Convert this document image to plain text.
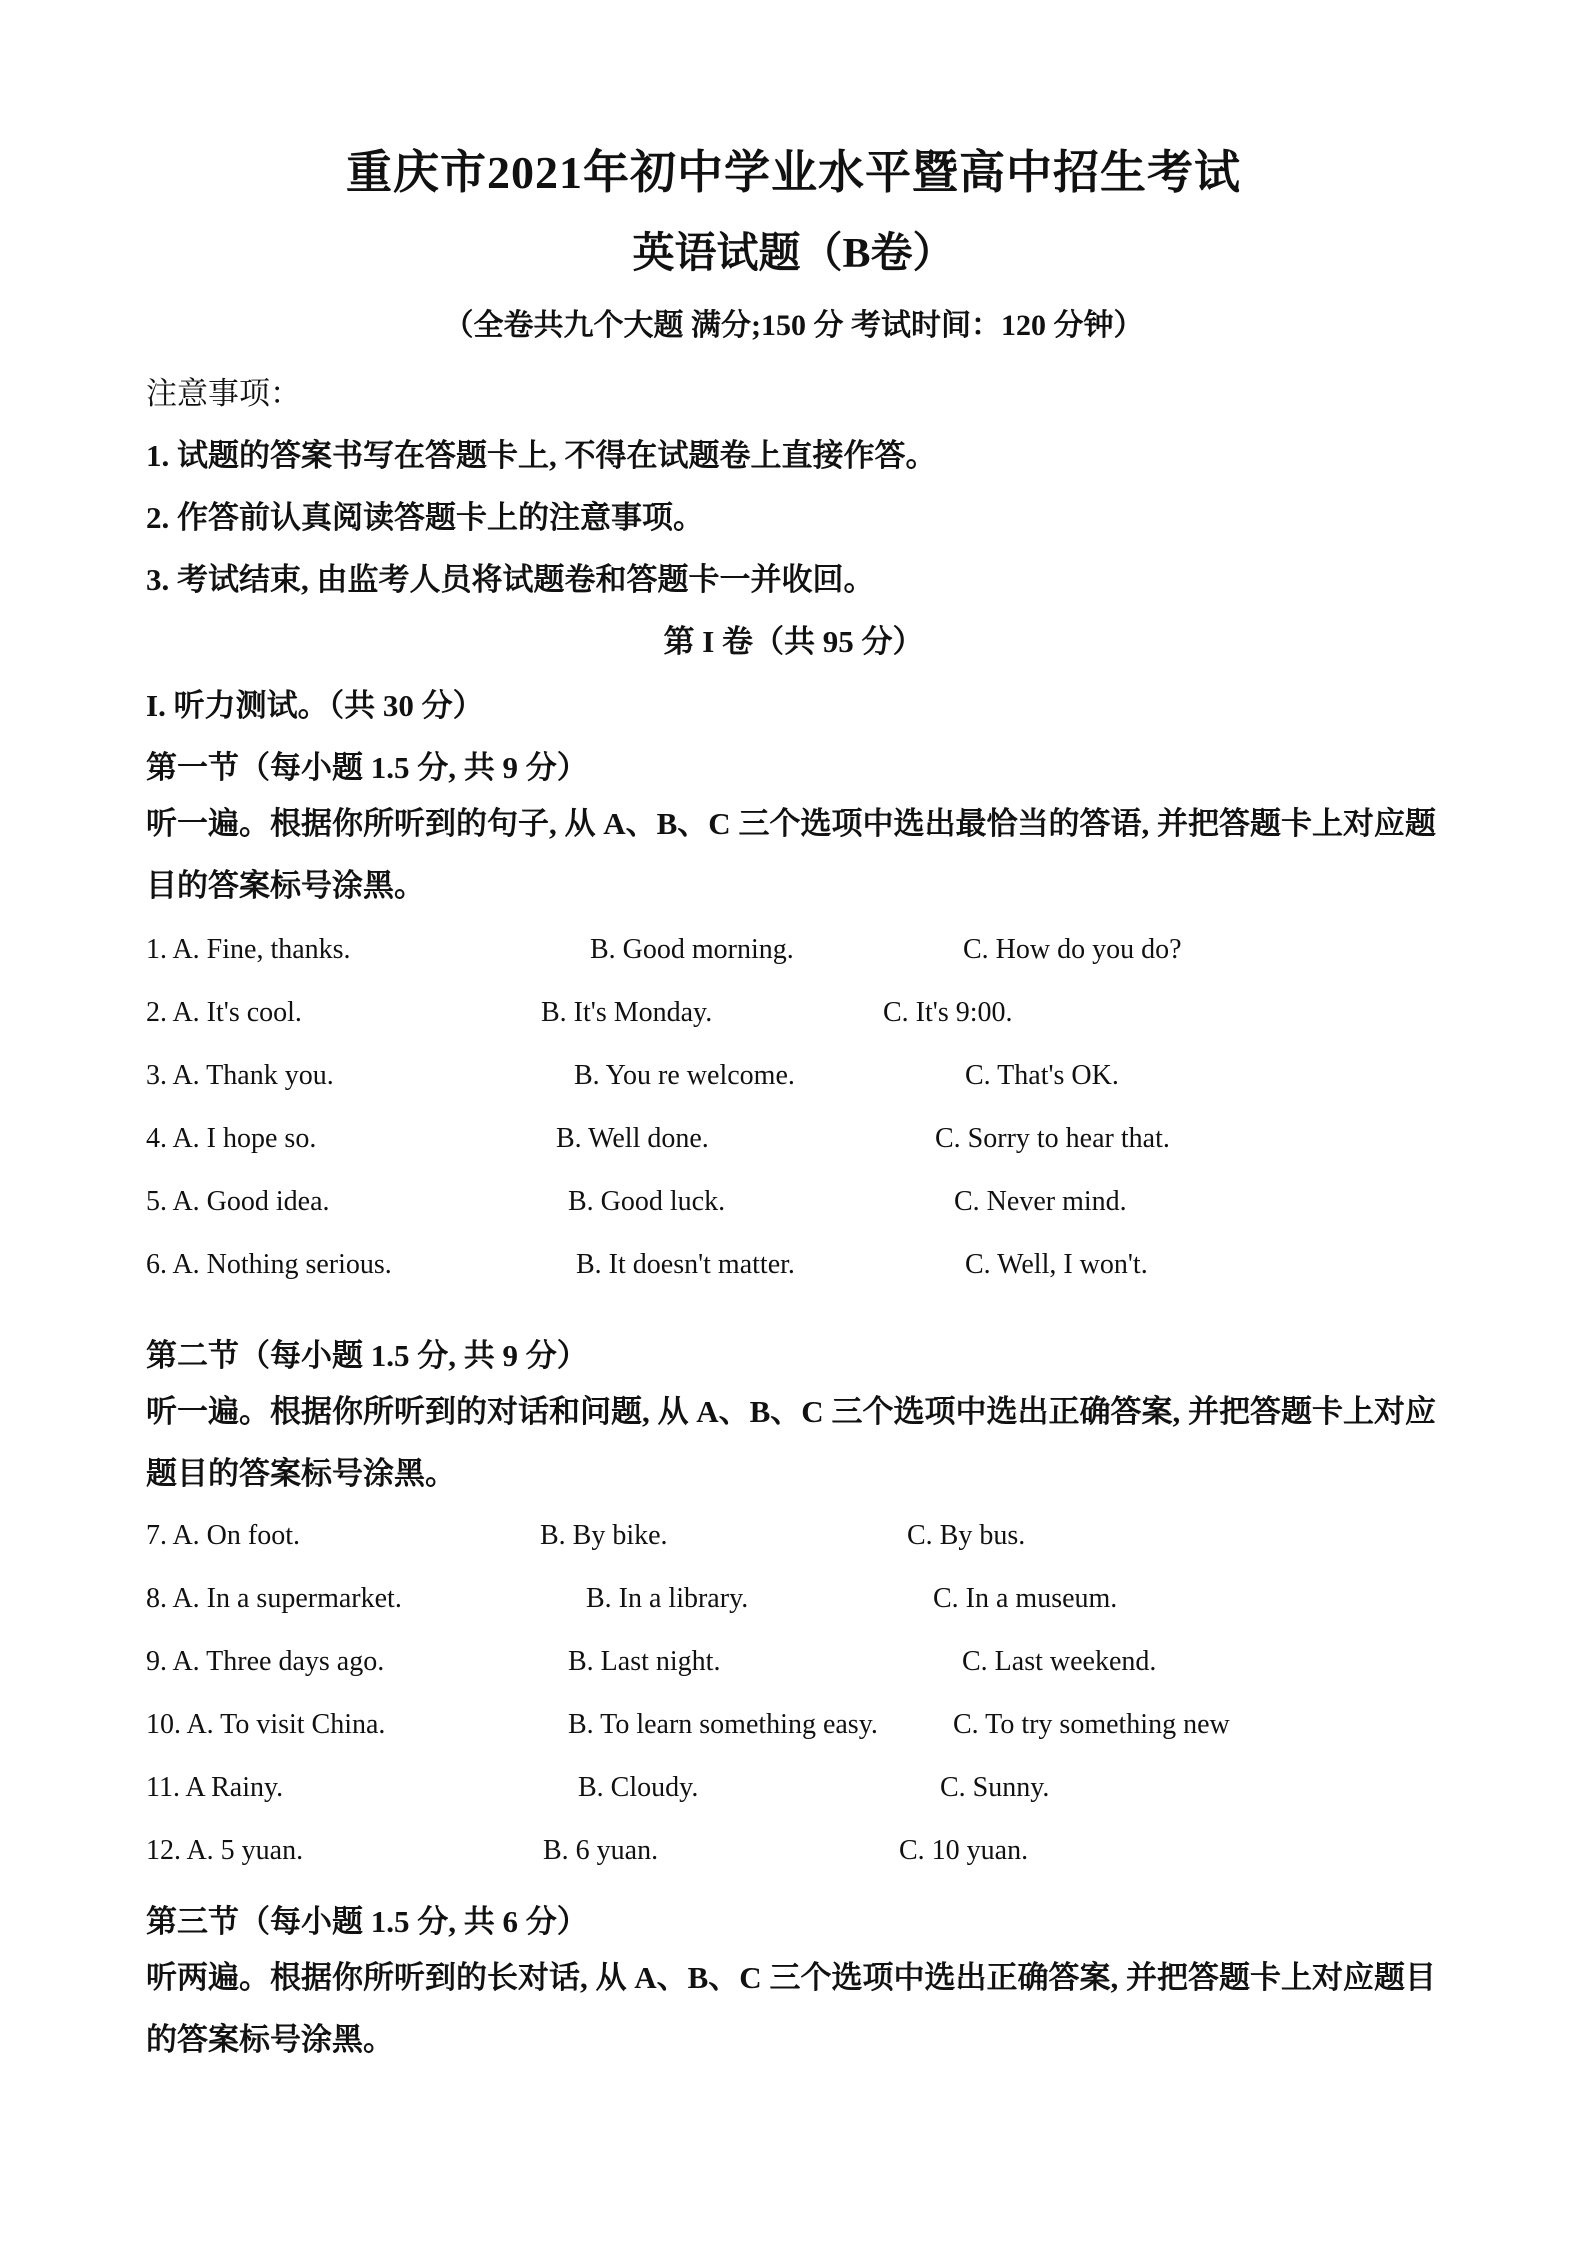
重庆市2021年初中学业水平暨高中招生考试
英语试题（B卷）
（全卷共九个大题 满分;150 分 考试时间：120 分钟）
注意事项：
1. 试题的答案书写在答题卡上, 不得在试题卷上直接作答。
2. 作答前认真阅读答题卡上的注意事项。
3. 考试结束, 由监考人员将试题卷和答题卡一并收回。
第 I 卷（共 95 分）
I. 听力测试。（共 30 分）
第一节（每小题 1.5 分, 共 9 分）
听一遍。根据你所听到的句子, 从 A、B、C 三个选项中选出最恰当的答语, 并把答题卡上对应题目的答案标号涂黑。
1. A. Fine, thanks.	B. Good morning.	C. How do you do?
2. A. It's cool.	B. It's Monday.	C. It's 9:00.
3. A. Thank you.	B. You re welcome.	C. That's OK.
4. A. I hope so.	B. Well done.	C. Sorry to hear that.
5. A. Good idea.	B. Good luck.	C. Never mind.
6. A. Nothing serious.	B. It doesn't matter.	C. Well, I won't.
第二节（每小题 1.5 分, 共 9 分）
听一遍。根据你所听到的对话和问题, 从 A、B、C 三个选项中选出正确答案, 并把答题卡上对应题目的答案标号涂黑。
7. A. On foot.	B. By bike.	C. By bus.
8. A. In a supermarket.	B. In a library.	C. In a museum.
9. A. Three days ago.	B. Last night.	C. Last weekend.
10. A. To visit China.	B. To learn something easy.	C. To try something new
11. A Rainy.	B. Cloudy.	C. Sunny.
12. A. 5 yuan.	B. 6 yuan.	C. 10 yuan.
第三节（每小题 1.5 分, 共 6 分）
听两遍。根据你所听到的长对话, 从 A、B、C 三个选项中选出正确答案, 并把答题卡上对应题目的答案标号涂黑。
